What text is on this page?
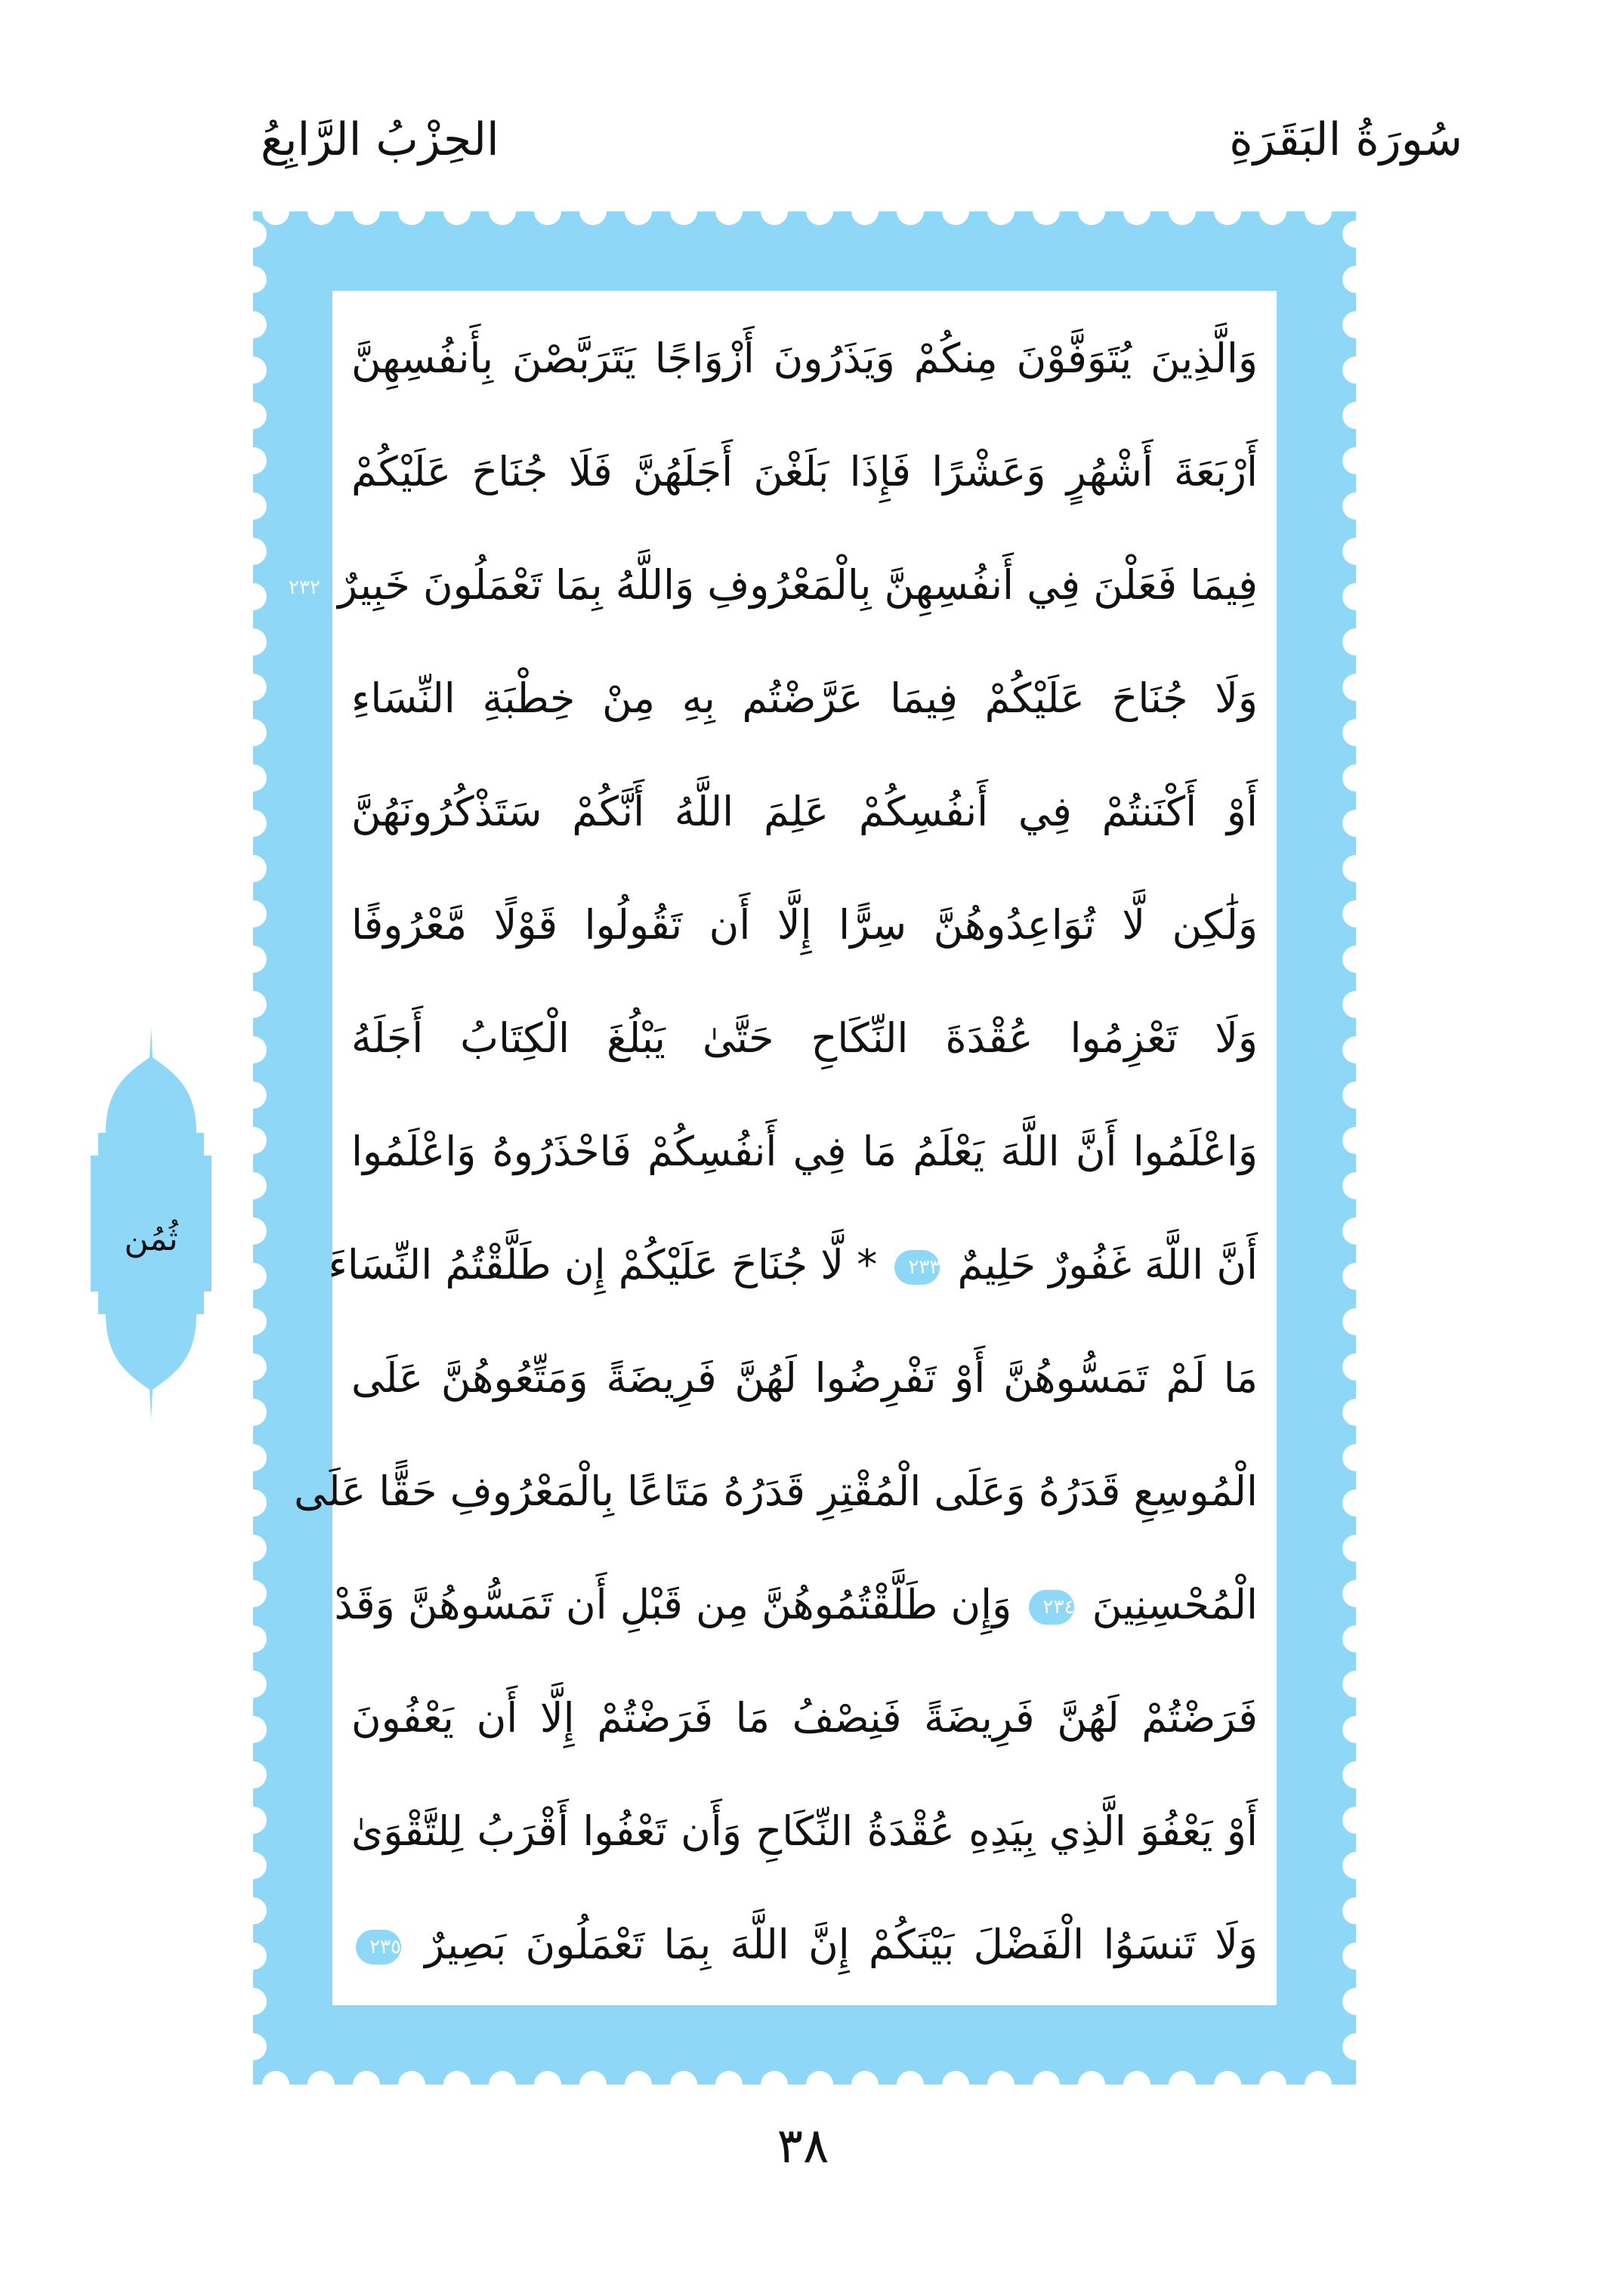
سُورَةُ البَقَرَةِ
الحِزْبُ الرَّابِعُ
وَالَّذِينَ يُتَوَفَّوْنَ مِنكُمْ وَيَذَرُونَ أَزْوَاجًا يَتَرَبَّصْنَ بِأَنفُسِهِنَّ
أَرْبَعَةَ أَشْهُرٍ وَعَشْرًا فَإِذَا بَلَغْنَ أَجَلَهُنَّ فَلَا جُنَاحَ عَلَيْكُمْ
فِيمَا فَعَلْنَ فِي أَنفُسِهِنَّ بِالْمَعْرُوفِ وَاللَّهُ بِمَا تَعْمَلُونَ خَبِيرٌ ٢٣٢
وَلَا جُنَاحَ عَلَيْكُمْ فِيمَا عَرَّضْتُم بِهِ مِنْ خِطْبَةِ النِّسَاءِ
أَوْ أَكْنَنتُمْ فِي أَنفُسِكُمْ عَلِمَ اللَّهُ أَنَّكُمْ سَتَذْكُرُونَهُنَّ
وَلَٰكِن لَّا تُوَاعِدُوهُنَّ سِرًّا إِلَّا أَن تَقُولُوا قَوْلًا مَّعْرُوفًا
وَلَا تَعْزِمُوا عُقْدَةَ النِّكَاحِ حَتَّىٰ يَبْلُغَ الْكِتَابُ أَجَلَهُ
وَاعْلَمُوا أَنَّ اللَّهَ يَعْلَمُ مَا فِي أَنفُسِكُمْ فَاحْذَرُوهُ وَاعْلَمُوا
أَنَّ اللَّهَ غَفُورٌ حَلِيمٌ ٢٣٣ * لَّا جُنَاحَ عَلَيْكُمْ إِن طَلَّقْتُمُ النِّسَاءَ
مَا لَمْ تَمَسُّوهُنَّ أَوْ تَفْرِضُوا لَهُنَّ فَرِيضَةً وَمَتِّعُوهُنَّ عَلَى
الْمُوسِعِ قَدَرُهُ وَعَلَى الْمُقْتِرِ قَدَرُهُ مَتَاعًا بِالْمَعْرُوفِ حَقًّا عَلَى
الْمُحْسِنِينَ ٢٣٤ وَإِن طَلَّقْتُمُوهُنَّ مِن قَبْلِ أَن تَمَسُّوهُنَّ وَقَدْ
فَرَضْتُمْ لَهُنَّ فَرِيضَةً فَنِصْفُ مَا فَرَضْتُمْ إِلَّا أَن يَعْفُونَ
أَوْ يَعْفُوَ الَّذِي بِيَدِهِ عُقْدَةُ النِّكَاحِ وَأَن تَعْفُوا أَقْرَبُ لِلتَّقْوَىٰ
وَلَا تَنسَوُا الْفَضْلَ بَيْنَكُمْ إِنَّ اللَّهَ بِمَا تَعْمَلُونَ بَصِيرٌ ٢٣٥
ثُمُن
٣٨
